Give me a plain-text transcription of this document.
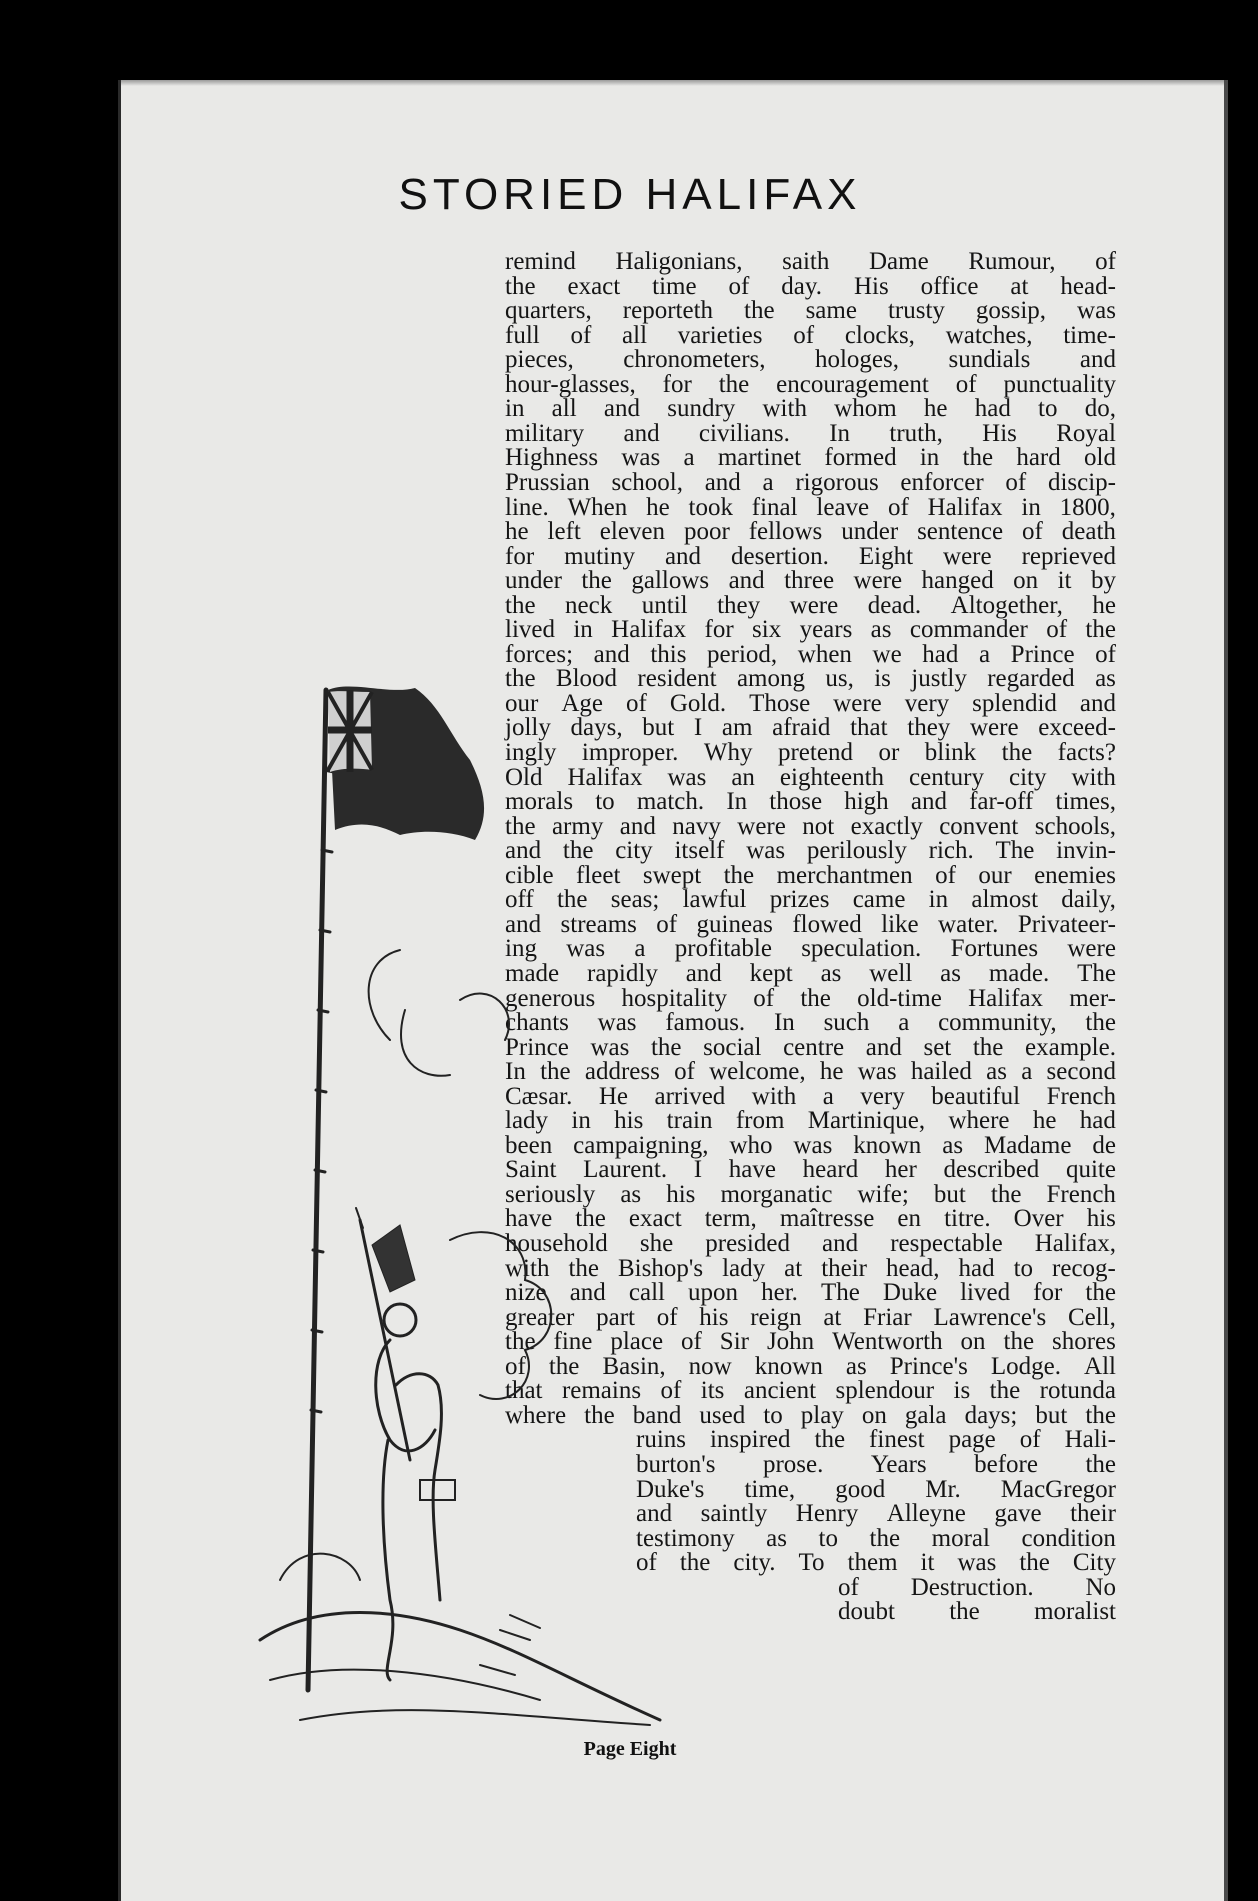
STORIED HALIFAX
remind Haligonians, saith Dame Rumour, of
the exact time of day. His office at head-
quarters, reporteth the same trusty gossip, was
full of all varieties of clocks, watches, time-
pieces, chronometers, hologes, sundials and
hour-glasses, for the encouragement of punctuality
in all and sundry with whom he had to do,
military and civilians. In truth, His Royal
Highness was a martinet formed in the hard old
Prussian school, and a rigorous enforcer of discip-
line. When he took final leave of Halifax in 1800,
he left eleven poor fellows under sentence of death
for mutiny and desertion. Eight were reprieved
under the gallows and three were hanged on it by
the neck until they were dead. Altogether, he
lived in Halifax for six years as commander of the
forces; and this period, when we had a Prince of
the Blood resident among us, is justly regarded as
our Age of Gold. Those were very splendid and
jolly days, but I am afraid that they were exceed-
ingly improper. Why pretend or blink the facts?
Old Halifax was an eighteenth century city with
morals to match. In those high and far-off times,
the army and navy were not exactly convent schools,
and the city itself was perilously rich. The invin-
cible fleet swept the merchantmen of our enemies
off the seas; lawful prizes came in almost daily,
and streams of guineas flowed like water. Privateer-
ing was a profitable speculation. Fortunes were
made rapidly and kept as well as made. The
generous hospitality of the old-time Halifax mer-
chants was famous. In such a community, the
Prince was the social centre and set the example.
In the address of welcome, he was hailed as a second
Cæsar. He arrived with a very beautiful French
lady in his train from Martinique, where he had
been campaigning, who was known as Madame de
Saint Laurent. I have heard her described quite
seriously as his morganatic wife; but the French
have the exact term, maîtresse en titre. Over his
household she presided and respectable Halifax,
with the Bishop's lady at their head, had to recog-
nize and call upon her. The Duke lived for the
greater part of his reign at Friar Lawrence's Cell,
the fine place of Sir John Wentworth on the shores
of the Basin, now known as Prince's Lodge. All
that remains of its ancient splendour is the rotunda
where the band used to play on gala days; but the
ruins inspired the finest page of Hali-
burton's prose. Years before the
Duke's time, good Mr. MacGregor
and saintly Henry Alleyne gave their
testimony as to the moral condition
of the city. To them it was the City
of Destruction. No
doubt the moralist
Page Eight
